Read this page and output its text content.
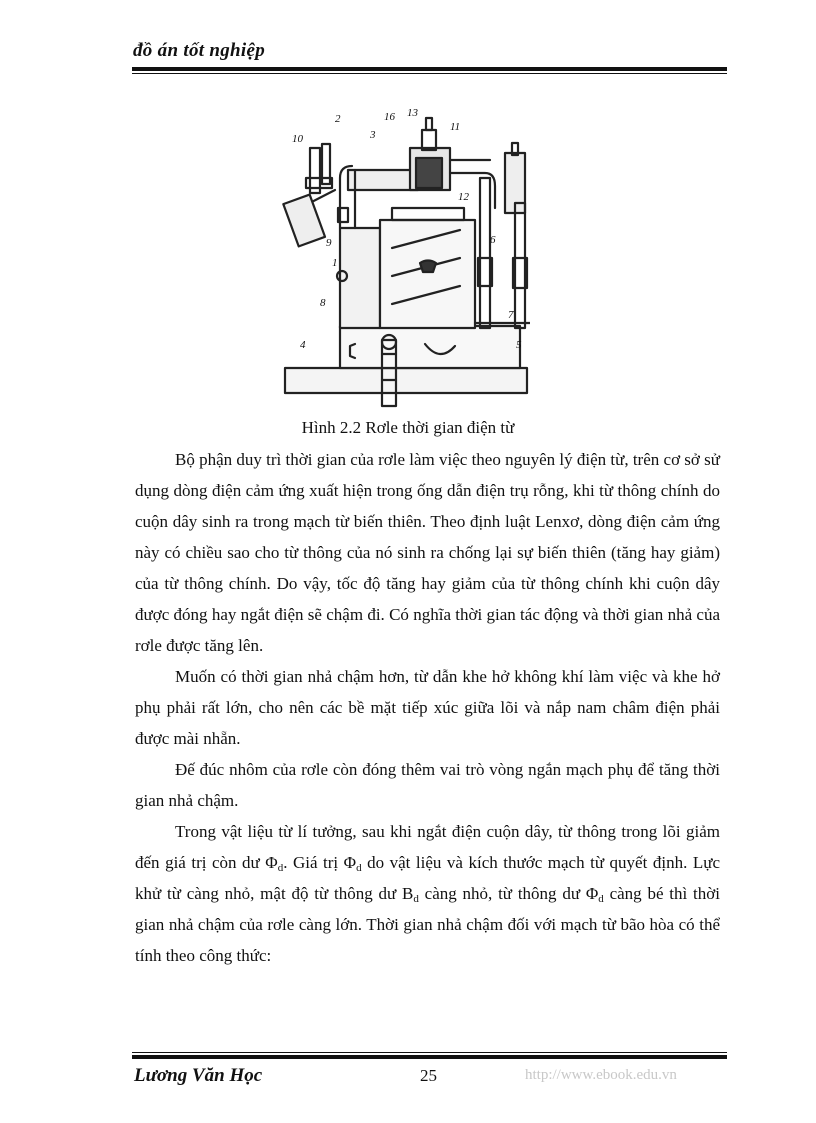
đồ án tốt nghiệp
2	16 13
11
10	3
12
9
1
8
6
7
4	5
Hình 2.2 Rơle thời gian điện từ

Bộ phận duy trì thời gian của rơle làm việc theo nguyên lý điện từ, trên cơ sở sử dụng dòng điện cảm ứng xuất hiện trong ống dẫn điện trụ rỗng, khi từ thông chính do cuộn dây sinh ra trong mạch từ biến thiên. Theo định luật Lenxơ, dòng điện cảm ứng này có chiều sao cho từ thông của nó sinh ra chống lại sự biến thiên (tăng hay giảm) của từ thông chính. Do vậy, tốc độ tăng hay giảm của từ thông chính khi cuộn dây được đóng hay ngắt điện sẽ chậm đi. Có nghĩa thời gian tác động và thời gian nhả của rơle được tăng lên.

Muốn có thời gian nhả chậm hơn, từ dẫn khe hở không khí làm việc và khe hở phụ phải rất lớn, cho nên các bề mặt tiếp xúc giữa lõi và nắp nam châm điện phải được mài nhẵn.

Đế đúc nhôm của rơle còn đóng thêm vai trò vòng ngắn mạch phụ để tăng thời gian nhả chậm.

Trong vật liệu từ lí tưởng, sau khi ngắt điện cuộn dây, từ thông trong lõi giảm đến giá trị còn dư $\Phi_d$. Giá trị $\Phi_d$ do vật liệu và kích thước mạch từ quyết định. Lực khử từ càng nhỏ, mật độ từ thông dư $B_d$ càng nhỏ, từ thông dư $\Phi_d$ càng bé thì thời gian nhả chậm của rơle càng lớn. Thời gian nhả chậm đối với mạch từ bão hòa có thể tính theo công thức:

Lương Văn Học	25	http://www.ebook.edu.vn
